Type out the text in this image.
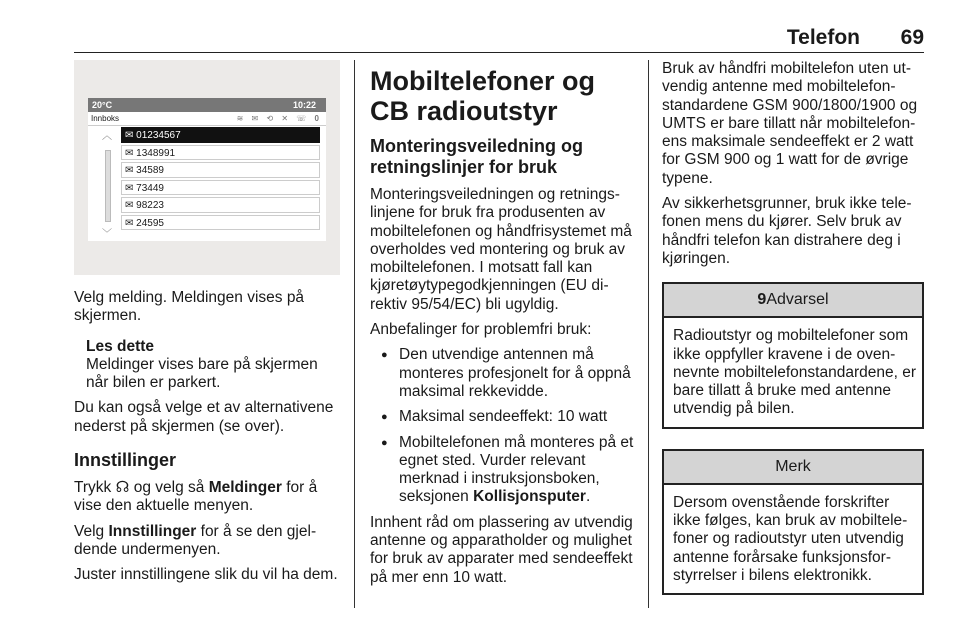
Telefon 69
20°C	10:22
Innboks	≋ ✉ ⟲ ✕ ☏ 0
︿
﹀
✉ 01234567
✉ 1348991
✉ 34589
✉ 73449
✉ 98223
✉ 24595

Velg melding. Meldingen vises på skjermen.

Les dette
Meldinger vises bare på skjermen når bilen er parkert.

Du kan også velge et av alternativene nederst på skjermen (se over).

Innstillinger

Trykk ☊ og velg så Meldinger for å vise den aktuelle menyen.

Velg Innstillinger for å se den gjeldende undermenyen.

Juster innstillingene slik du vil ha dem.

Mobiltelefoner og CB radioutstyr
Monteringsveiledning og retningslinjer for bruk

Monteringsveiledningen og retningslinjene for bruk fra produsenten av mobiltelefonen og håndfrisystemet må overholdes ved montering og bruk av mobiltelefonen. I motsatt fall kan kjøretøytypegodkjenningen (EU direktiv 95/54/EC) bli ugyldig.

Anbefalinger for problemfri bruk:

● Den utvendige antennen må monteres profesjonelt for å oppnå maksimal rekkevidde.
● Maksimal sendeeffekt: 10 watt
● Mobiltelefonen må monteres på et egnet sted. Vurder relevant merknad i instruksjonsboken, seksjonen Kollisjonsputer.

Innhent råd om plassering av utvendig antenne og apparatholder og mulighet for bruk av apparater med sendeeffekt på mer enn 10 watt.

Bruk av håndfri mobiltelefon uten utvendig antenne med mobiltelefonstandardene GSM 900/1800/1900 og UMTS er bare tillatt når mobiltelefonens maksimale sendeeffekt er 2 watt for GSM 900 og 1 watt for de øvrige typene.

Av sikkerhetsgrunner, bruk ikke telefonen mens du kjører. Selv bruk av håndfri telefon kan distrahere deg i kjøringen.

9Advarsel
Radioutstyr og mobiltelefoner som ikke oppfyller kravene i de ovennevnte mobiltelefonstandardene, er bare tillatt å bruke med antenne utvendig på bilen.
Merk
Dersom ovenstående forskrifter ikke følges, kan bruk av mobiltelefoner og radioutstyr uten utvendig antenne forårsake funksjonsforstyrrelser i bilens elektronikk.
